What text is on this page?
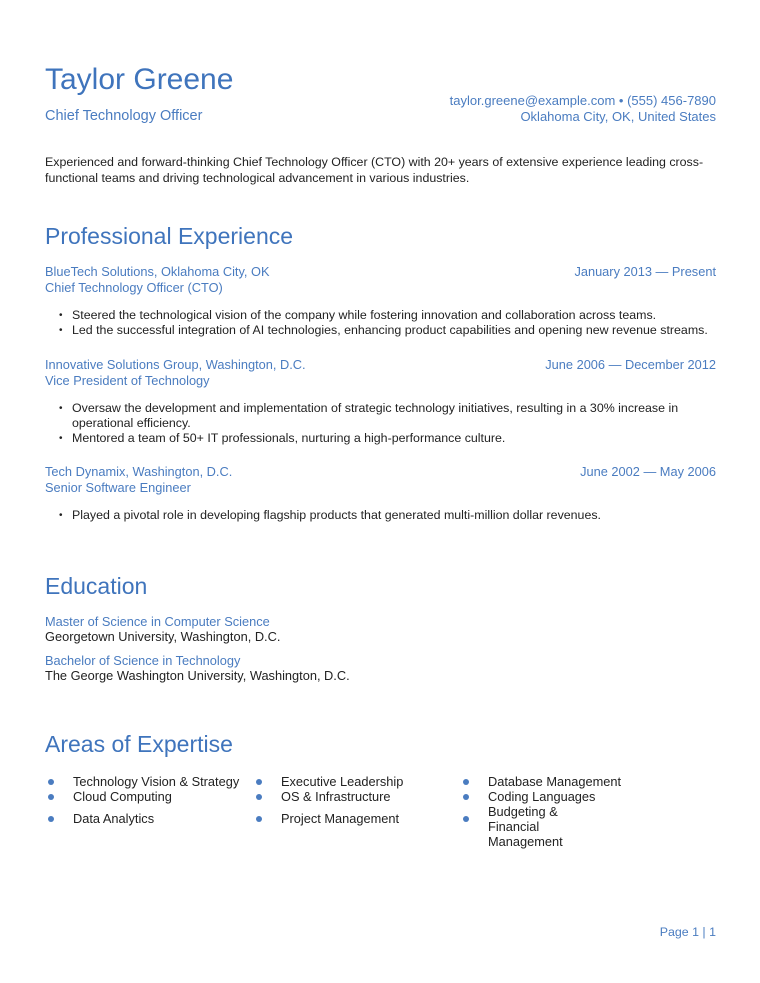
Taylor Greene
Chief Technology Officer
taylor.greene@example.com • (555) 456-7890
Oklahoma City, OK, United States
Experienced and forward-thinking Chief Technology Officer (CTO) with 20+ years of extensive experience leading cross-functional teams and driving technological advancement in various industries.
Professional Experience
BlueTech Solutions, Oklahoma City, OK	January 2013 — Present
Chief Technology Officer (CTO)
• Steered the technological vision of the company while fostering innovation and collaboration across teams.
• Led the successful integration of AI technologies, enhancing product capabilities and opening new revenue streams.
Innovative Solutions Group, Washington, D.C.	June 2006 — December 2012
Vice President of Technology
• Oversaw the development and implementation of strategic technology initiatives, resulting in a 30% increase in operational efficiency.
• Mentored a team of 50+ IT professionals, nurturing a high-performance culture.
Tech Dynamix, Washington, D.C.	June 2002 — May 2006
Senior Software Engineer
• Played a pivotal role in developing flagship products that generated multi-million dollar revenues.
Education
Master of Science in Computer Science
Georgetown University, Washington, D.C.
Bachelor of Science in Technology
The George Washington University, Washington, D.C.
Areas of Expertise
Technology Vision & Strategy
Cloud Computing
Data Analytics
Executive Leadership
OS & Infrastructure
Project Management
Database Management
Coding Languages
Budgeting & Financial Management
Page 1 | 1
